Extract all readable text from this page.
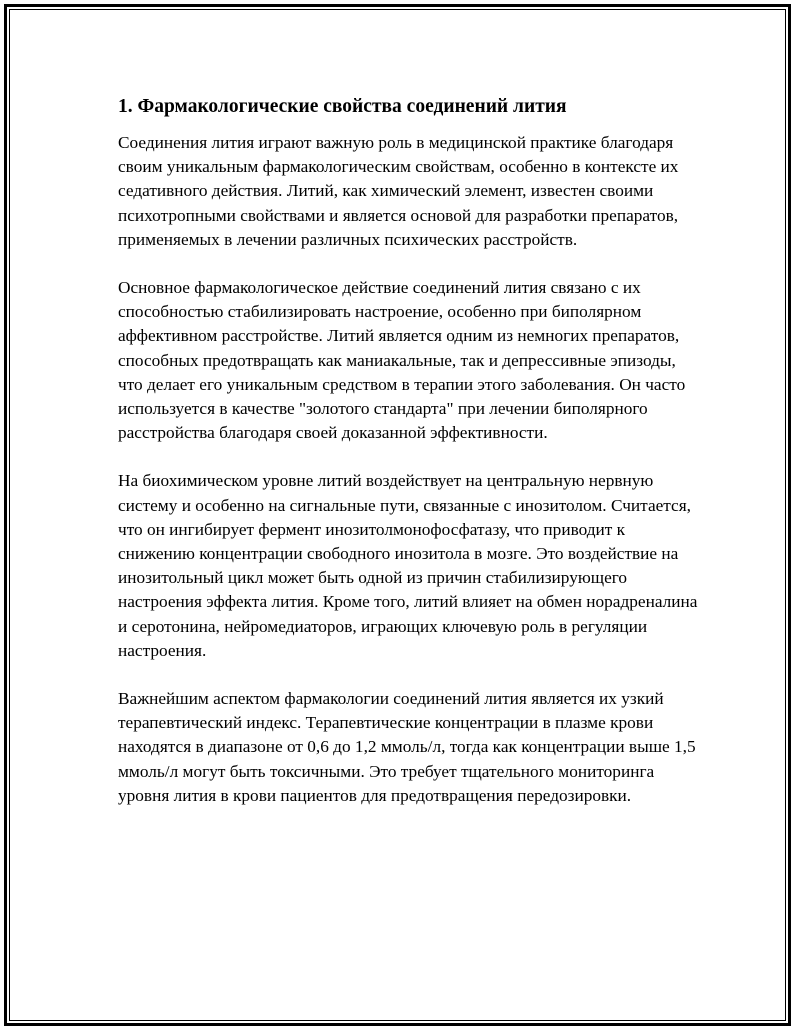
1. Фармакологические свойства соединений лития

Соединения лития играют важную роль в медицинской практике благодаря своим уникальным фармакологическим свойствам, особенно в контексте их седативного действия. Литий, как химический элемент, известен своими психотропными свойствами и является основой для разработки препаратов, применяемых в лечении различных психических расстройств.

Основное фармакологическое действие соединений лития связано с их способностью стабилизировать настроение, особенно при биполярном аффективном расстройстве. Литий является одним из немногих препаратов, способных предотвращать как маниакальные, так и депрессивные эпизоды, что делает его уникальным средством в терапии этого заболевания. Он часто используется в качестве "золотого стандарта" при лечении биполярного расстройства благодаря своей доказанной эффективности.

На биохимическом уровне литий воздействует на центральную нервную систему и особенно на сигнальные пути, связанные с инозитолом. Считается, что он ингибирует фермент инозитолмонофосфатазу, что приводит к снижению концентрации свободного инозитола в мозге. Это воздействие на инозитольный цикл может быть одной из причин стабилизирующего настроения эффекта лития. Кроме того, литий влияет на обмен норадреналина и серотонина, нейромедиаторов, играющих ключевую роль в регуляции настроения.

Важнейшим аспектом фармакологии соединений лития является их узкий терапевтический индекс. Терапевтические концентрации в плазме крови находятся в диапазоне от 0,6 до 1,2 ммоль/л, тогда как концентрации выше 1,5 ммоль/л могут быть токсичными. Это требует тщательного мониторинга уровня лития в крови пациентов для предотвращения передозировки.
